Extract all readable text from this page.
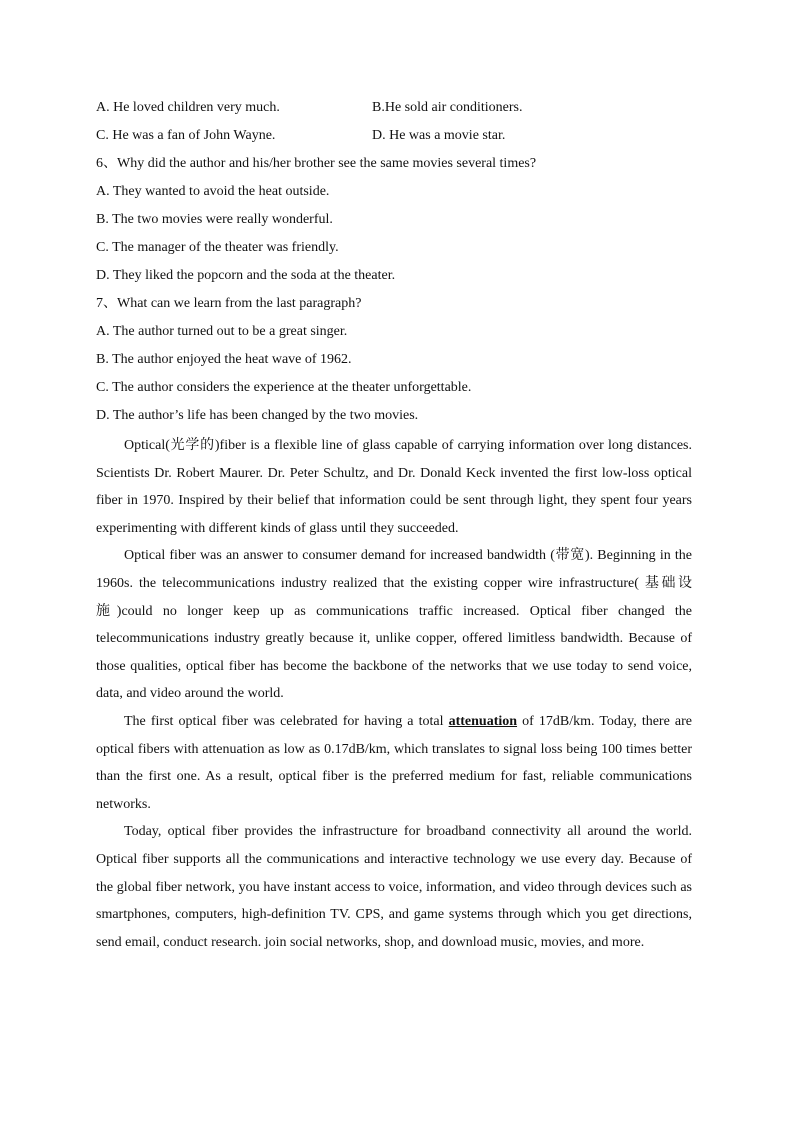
A. He loved children very much.	B.He sold air conditioners.
C. He was a fan of John Wayne.	D. He was a movie star.
6、Why did the author and his/her brother see the same movies several times?
A. They wanted to avoid the heat outside.
B. The two movies were really wonderful.
C. The manager of the theater was friendly.
D. They liked the popcorn and the soda at the theater.
7、What can we learn from the last paragraph?
A. The author turned out to be a great singer.
B. The author enjoyed the heat wave of 1962.
C. The author considers the experience at the theater unforgettable.
D. The author’s life has been changed by the two movies.

Optical(光学的)fiber is a flexible line of glass capable of carrying information over long distances. Scientists Dr. Robert Maurer. Dr. Peter Schultz, and Dr. Donald Keck invented the first low-loss optical fiber in 1970. Inspired by their belief that information could be sent through light, they spent four years experimenting with different kinds of glass until they succeeded.

Optical fiber was an answer to consumer demand for increased bandwidth (带宽). Beginning in the 1960s. the telecommunications industry realized that the existing copper wire infrastructure( 基础设施)could no longer keep up as communications traffic increased. Optical fiber changed the telecommunications industry greatly because it, unlike copper, offered limitless bandwidth. Because of those qualities, optical fiber has become the backbone of the networks that we use today to send voice, data, and video around the world.

The first optical fiber was celebrated for having a total attenuation of 17dB/km. Today, there are optical fibers with attenuation as low as 0.17dB/km, which translates to signal loss being 100 times better than the first one. As a result, optical fiber is the preferred medium for fast, reliable communications networks.

Today, optical fiber provides the infrastructure for broadband connectivity all around the world. Optical fiber supports all the communications and interactive technology we use every day. Because of the global fiber network, you have instant access to voice, information, and video through devices such as smartphones, computers, high-definition TV. CPS, and game systems through which you get directions, send email, conduct research. join social networks, shop, and download music, movies, and more.
